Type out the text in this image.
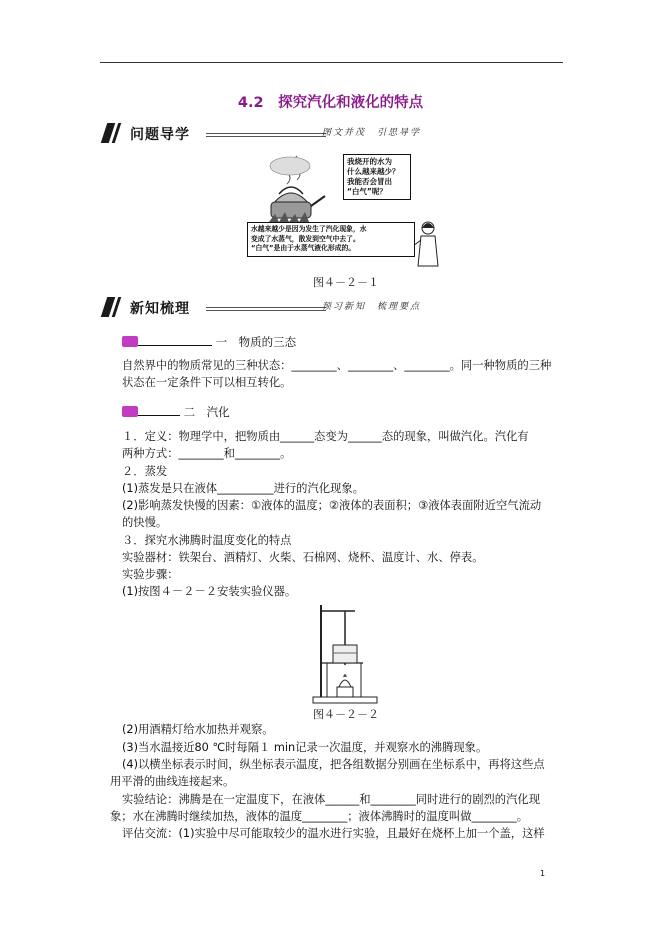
4.2　探究汽化和液化的特点
问题导学	图文并茂　引思导学
我烧开的水为
什么越来越少？
我能否会冒出
“白气”呢？
水越来越少是因为发生了汽化现象，水
变成了水蒸气，散发到空气中去了。
“白气”是由于水蒸气液化形成的。
图４－２－１
新知梳理	预习新知　梳理要点
一　物质的三态
自然界中的物质常见的三种状态：________、________、________。同一种物质的三种
状态在一定条件下可以相互转化。
二　汽化
１．定义：物理学中，把物质由______态变为______态的现象，叫做汽化。汽化有
两种方式：________和________。
２．蒸发
(1)蒸发是只在液体__________进行的汽化现象。
(2)影响蒸发快慢的因素：①液体的温度；②液体的表面积；③液体表面附近空气流动
的快慢。
３．探究水沸腾时温度变化的特点
实验器材：铁架台、酒精灯、火柴、石棉网、烧杯、温度计、水、停表。
实验步骤：
(1)按图４－２－２安装实验仪器。
图４－２－２
(2)用酒精灯给水加热并观察。
(3)当水温接近80 ℃时每隔１ min记录一次温度，并观察水的沸腾现象。
(4)以横坐标表示时间，纵坐标表示温度，把各组数据分别画在坐标系中，再将这些点
用平滑的曲线连接起来。
实验结论：沸腾是在一定温度下，在液体______和________同时进行的剧烈的汽化现
象；水在沸腾时继续加热，液体的温度________；液体沸腾时的温度叫做________。
评估交流：(1)实验中尽可能取较少的温水进行实验，且最好在烧杯上加一个盖，这样
1
